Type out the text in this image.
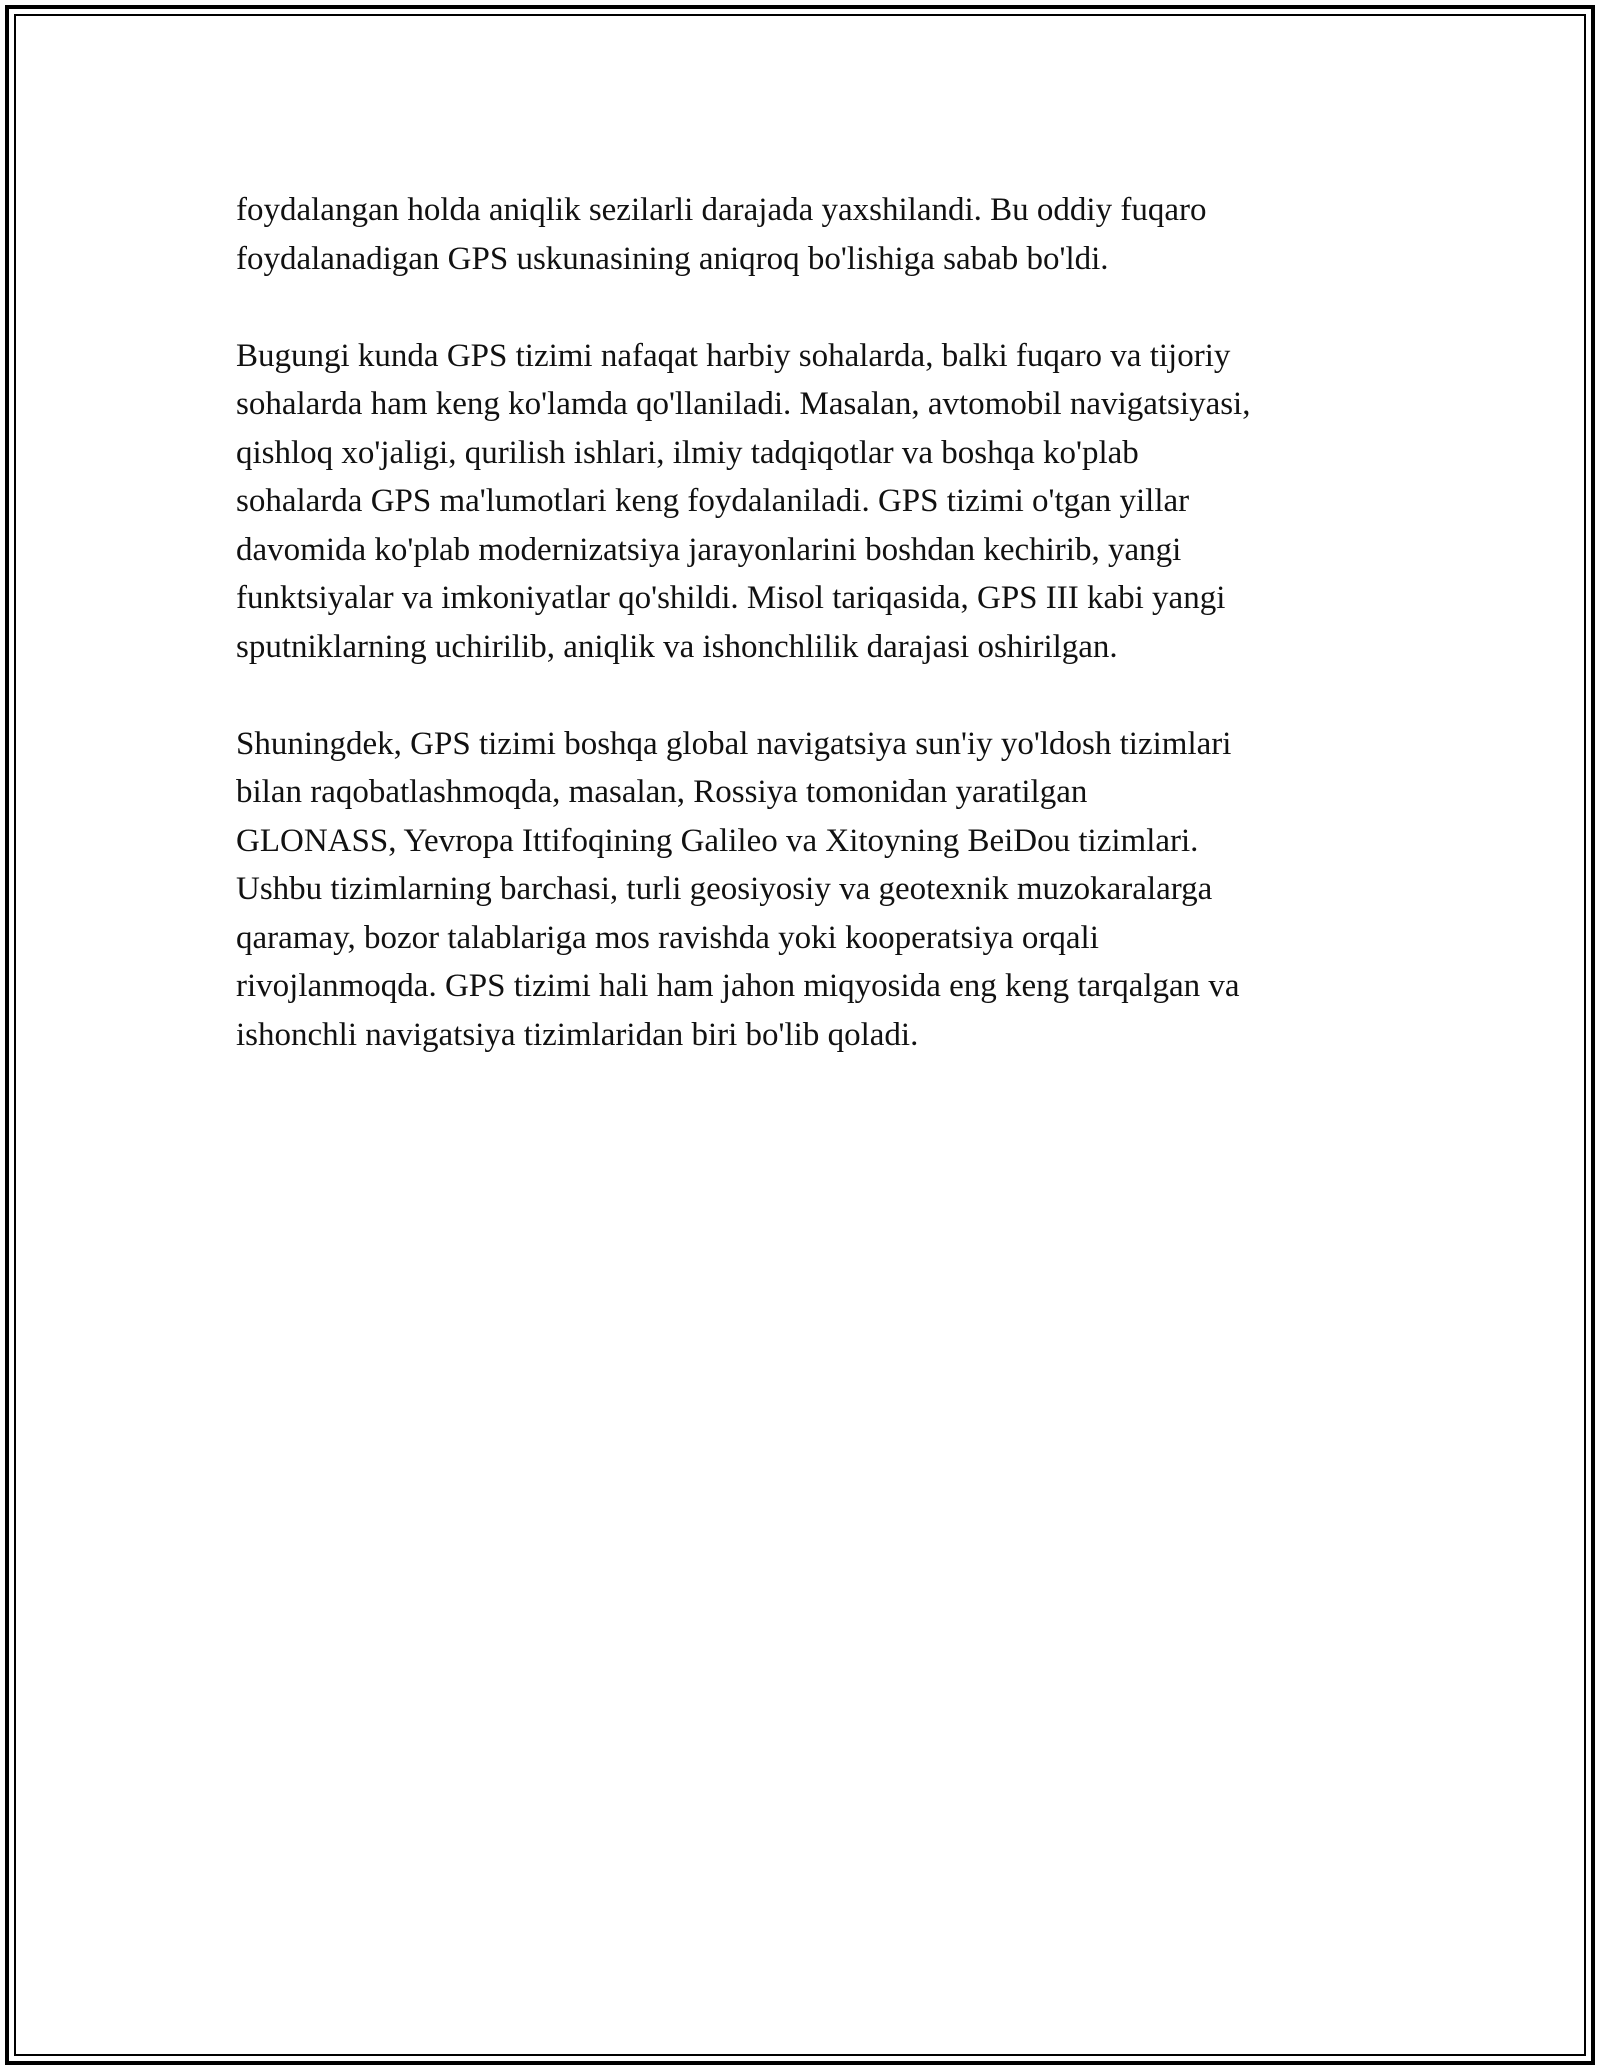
foydalangan holda aniqlik sezilarli darajada yaxshilandi. Bu oddiy fuqaro
foydalanadigan GPS uskunasining aniqroq bo'lishiga sabab bo'ldi.

Bugungi kunda GPS tizimi nafaqat harbiy sohalarda, balki fuqaro va tijoriy
sohalarda ham keng ko'lamda qo'llaniladi. Masalan, avtomobil navigatsiyasi,
qishloq xo'jaligi, qurilish ishlari, ilmiy tadqiqotlar va boshqa ko'plab
sohalarda GPS ma'lumotlari keng foydalaniladi. GPS tizimi o'tgan yillar
davomida ko'plab modernizatsiya jarayonlarini boshdan kechirib, yangi
funktsiyalar va imkoniyatlar qo'shildi. Misol tariqasida, GPS III kabi yangi
sputniklarning uchirilib, aniqlik va ishonchlilik darajasi oshirilgan.

Shuningdek, GPS tizimi boshqa global navigatsiya sun'iy yo'ldosh tizimlari
bilan raqobatlashmoqda, masalan, Rossiya tomonidan yaratilgan
GLONASS, Yevropa Ittifoqining Galileo va Xitoyning BeiDou tizimlari.
Ushbu tizimlarning barchasi, turli geosiyosiy va geotexnik muzokaralarga
qaramay, bozor talablariga mos ravishda yoki kooperatsiya orqali
rivojlanmoqda. GPS tizimi hali ham jahon miqyosida eng keng tarqalgan va
ishonchli navigatsiya tizimlaridan biri bo'lib qoladi.
